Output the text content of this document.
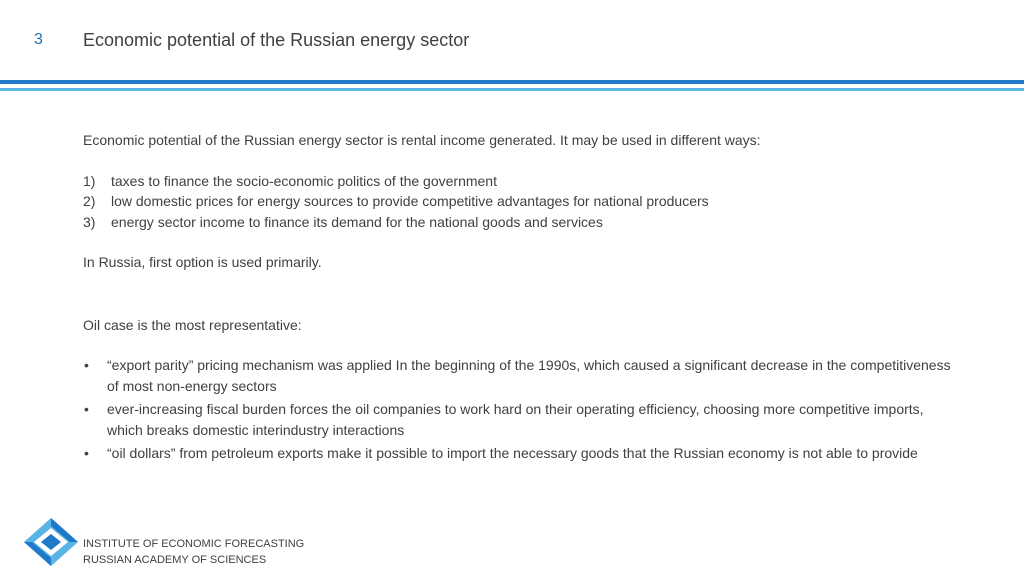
3 Economic potential of the Russian energy sector

Economic potential of the Russian energy sector is rental income generated. It may be used in different ways:

1) taxes to finance the socio-economic politics of the government
2) low domestic prices for energy sources to provide competitive advantages for national producers
3) energy sector income to finance its demand for the national goods and services

In Russia, first option is used primarily.

Oil case is the most representative:

• “export parity” pricing mechanism was applied In the beginning of the 1990s, which caused a significant decrease in the competitiveness of most non-energy sectors
• ever-increasing fiscal burden forces the oil companies to work hard on their operating efficiency, choosing more competitive imports, which breaks domestic interindustry interactions
• “oil dollars” from petroleum exports make it possible to import the necessary goods that the Russian economy is not able to provide
INSTITUTE OF ECONOMIC FORECASTING
RUSSIAN ACADEMY OF SCIENCES
